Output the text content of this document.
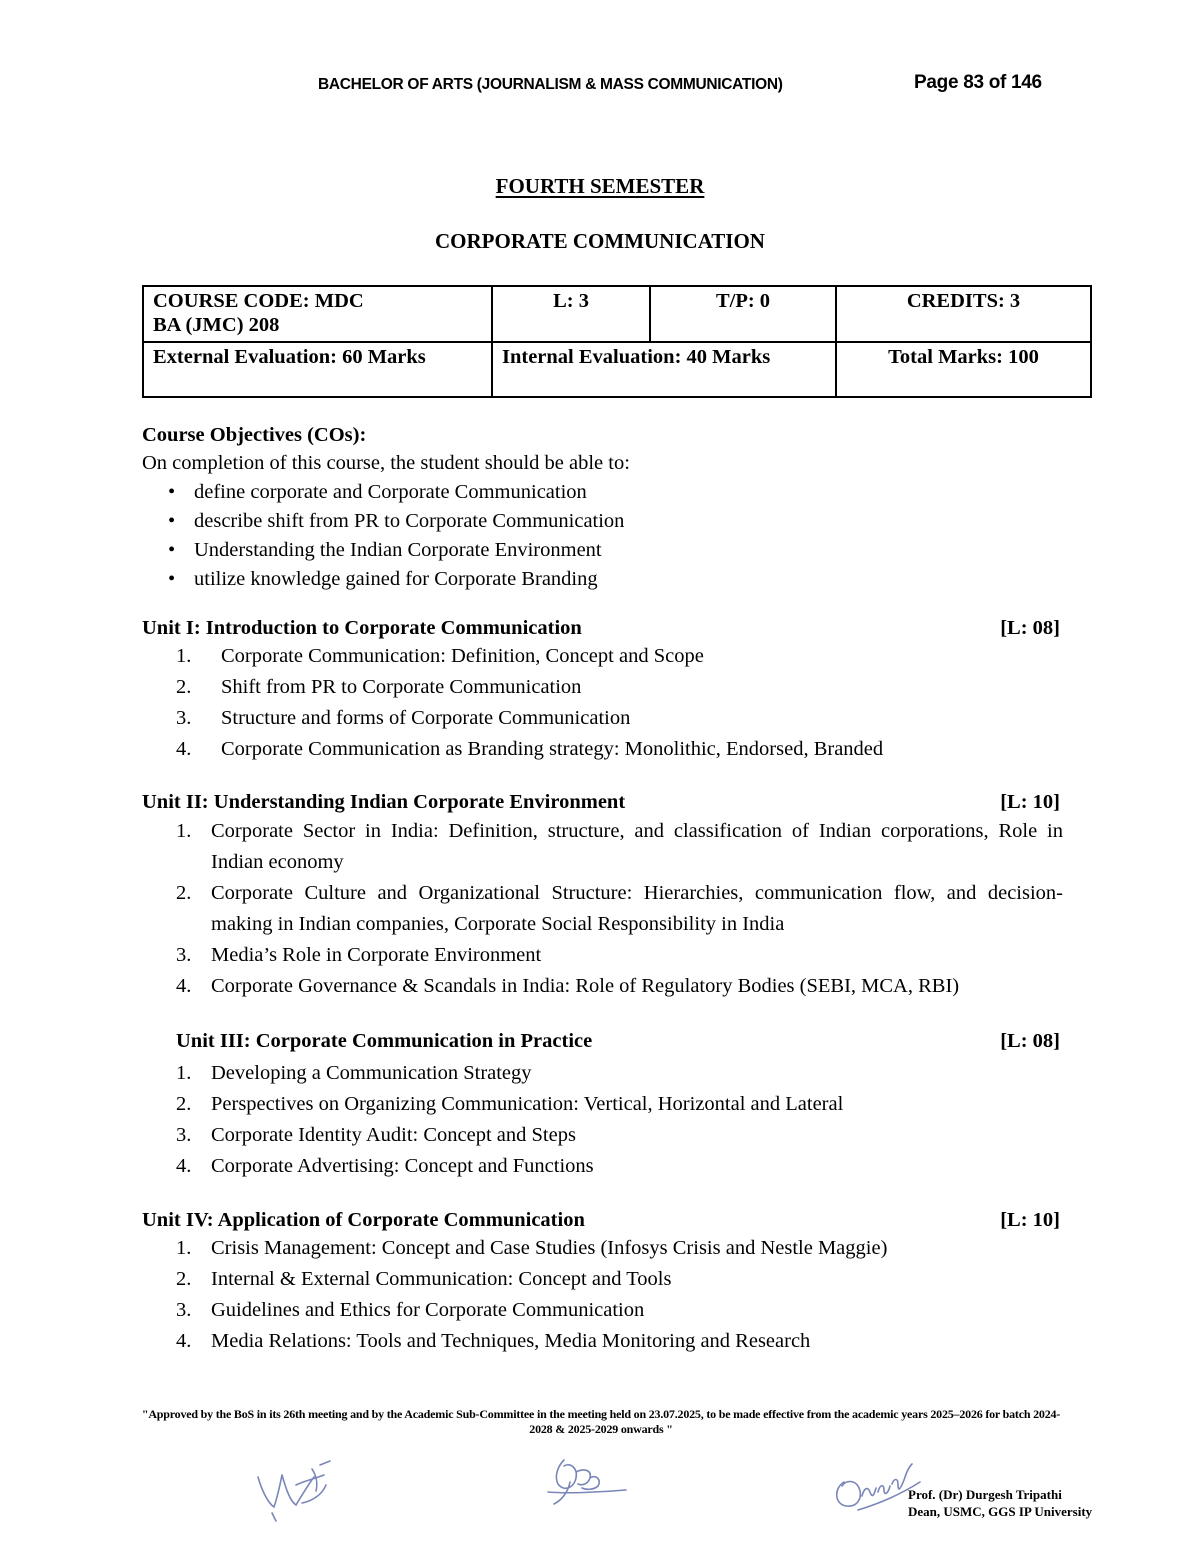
BACHELOR OF ARTS (JOURNALISM & MASS COMMUNICATION)	Page 83 of 146
FOURTH SEMESTER
CORPORATE COMMUNICATION
COURSE CODE: MDC
BA (JMC) 208	L: 3	T/P: 0	CREDITS: 3
External Evaluation: 60 Marks	Internal Evaluation: 40 Marks		Total Marks: 100
Course Objectives (COs):
On completion of this course, the student should be able to:
• define corporate and Corporate Communication
• describe shift from PR to Corporate Communication
• Understanding the Indian Corporate Environment
• utilize knowledge gained for Corporate Branding
Unit I: Introduction to Corporate Communication	[L: 08]
1. Corporate Communication: Definition, Concept and Scope
2. Shift from PR to Corporate Communication
3. Structure and forms of Corporate Communication
4. Corporate Communication as Branding strategy: Monolithic, Endorsed, Branded
Unit II: Understanding Indian Corporate Environment	[L: 10]
1. Corporate Sector in India: Definition, structure, and classification of Indian corporations, Role in Indian economy
2. Corporate Culture and Organizational Structure: Hierarchies, communication flow, and decision-making in Indian companies, Corporate Social Responsibility in India
3. Media’s Role in Corporate Environment
4. Corporate Governance & Scandals in India: Role of Regulatory Bodies (SEBI, MCA, RBI)
Unit III: Corporate Communication in Practice	[L: 08]
1. Developing a Communication Strategy
2. Perspectives on Organizing Communication: Vertical, Horizontal and Lateral
3. Corporate Identity Audit: Concept and Steps
4. Corporate Advertising: Concept and Functions
Unit IV: Application of Corporate Communication	[L: 10]
1. Crisis Management: Concept and Case Studies (Infosys Crisis and Nestle Maggie)
2. Internal & External Communication: Concept and Tools
3. Guidelines and Ethics for Corporate Communication
4. Media Relations: Tools and Techniques, Media Monitoring and Research
"Approved by the BoS in its 26th meeting and by the Academic Sub-Committee in the meeting held on 23.07.2025, to be made effective from the academic years 2025–2026 for batch 2024-2028 & 2025-2029 onwards "
Prof. (Dr) Durgesh Tripathi
Dean, USMC, GGS IP University
